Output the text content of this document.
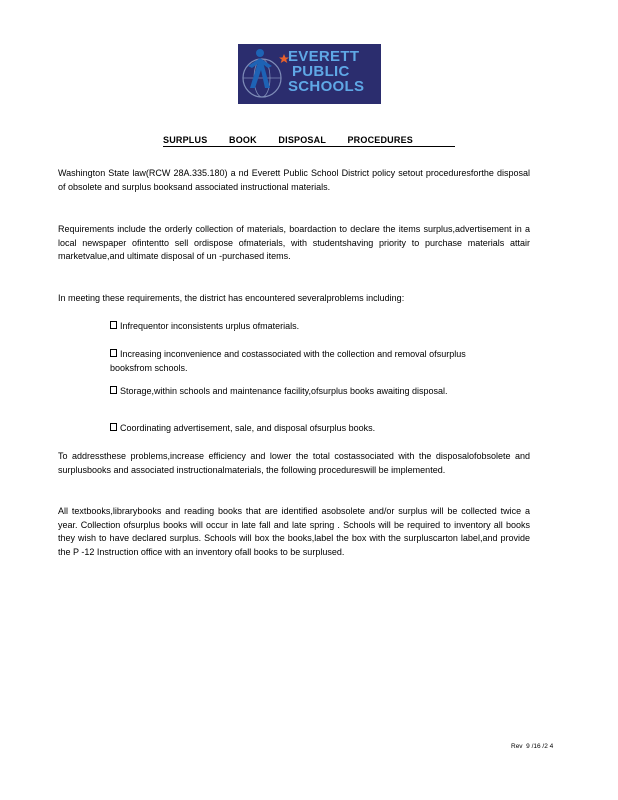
EVERETT
PUBLIC
SCHOOLS
SURPLUS        BOOK        DISPOSAL        PROCEDURES
Washington State law(RCW 28A.335.180) a nd Everett Public School District policy setout proceduresforthe disposal of obsolete and surplus booksand associated instructional materials.
Requirements include the orderly collection of materials, boardaction to declare the items surplus,advertisement in a local newspaper ofintentto sell ordispose ofmaterials, with studentshaving priority to purchase materials attair marketvalue,and ultimate disposal of un -purchased items.
In meeting these requirements, the district has encountered severalproblems including:
Infrequentor inconsistents urplus ofmaterials.
Increasing inconvenience and costassociated with the collection and removal ofsurplus booksfrom schools.
Storage,within schools and maintenance facility,ofsurplus books awaiting disposal.
Coordinating advertisement, sale, and disposal ofsurplus books.
To addressthese problems,increase efficiency and lower the total costassociated with the disposalofobsolete and surplusbooks and associated instructionalmaterials, the following procedureswill be implemented.
All textbooks,librarybooks and reading books that are identified asobsolete and/or surplus will be collected twice a year. Collection ofsurplus books will occur in late fall and late spring . Schools will be required to inventory all books they wish to have declared surplus. Schools will box the books,label the box with the surpluscarton label,and provide the P -12 Instruction office with an inventory ofall books to be surplused.
Rev  9 /16 /2 4
